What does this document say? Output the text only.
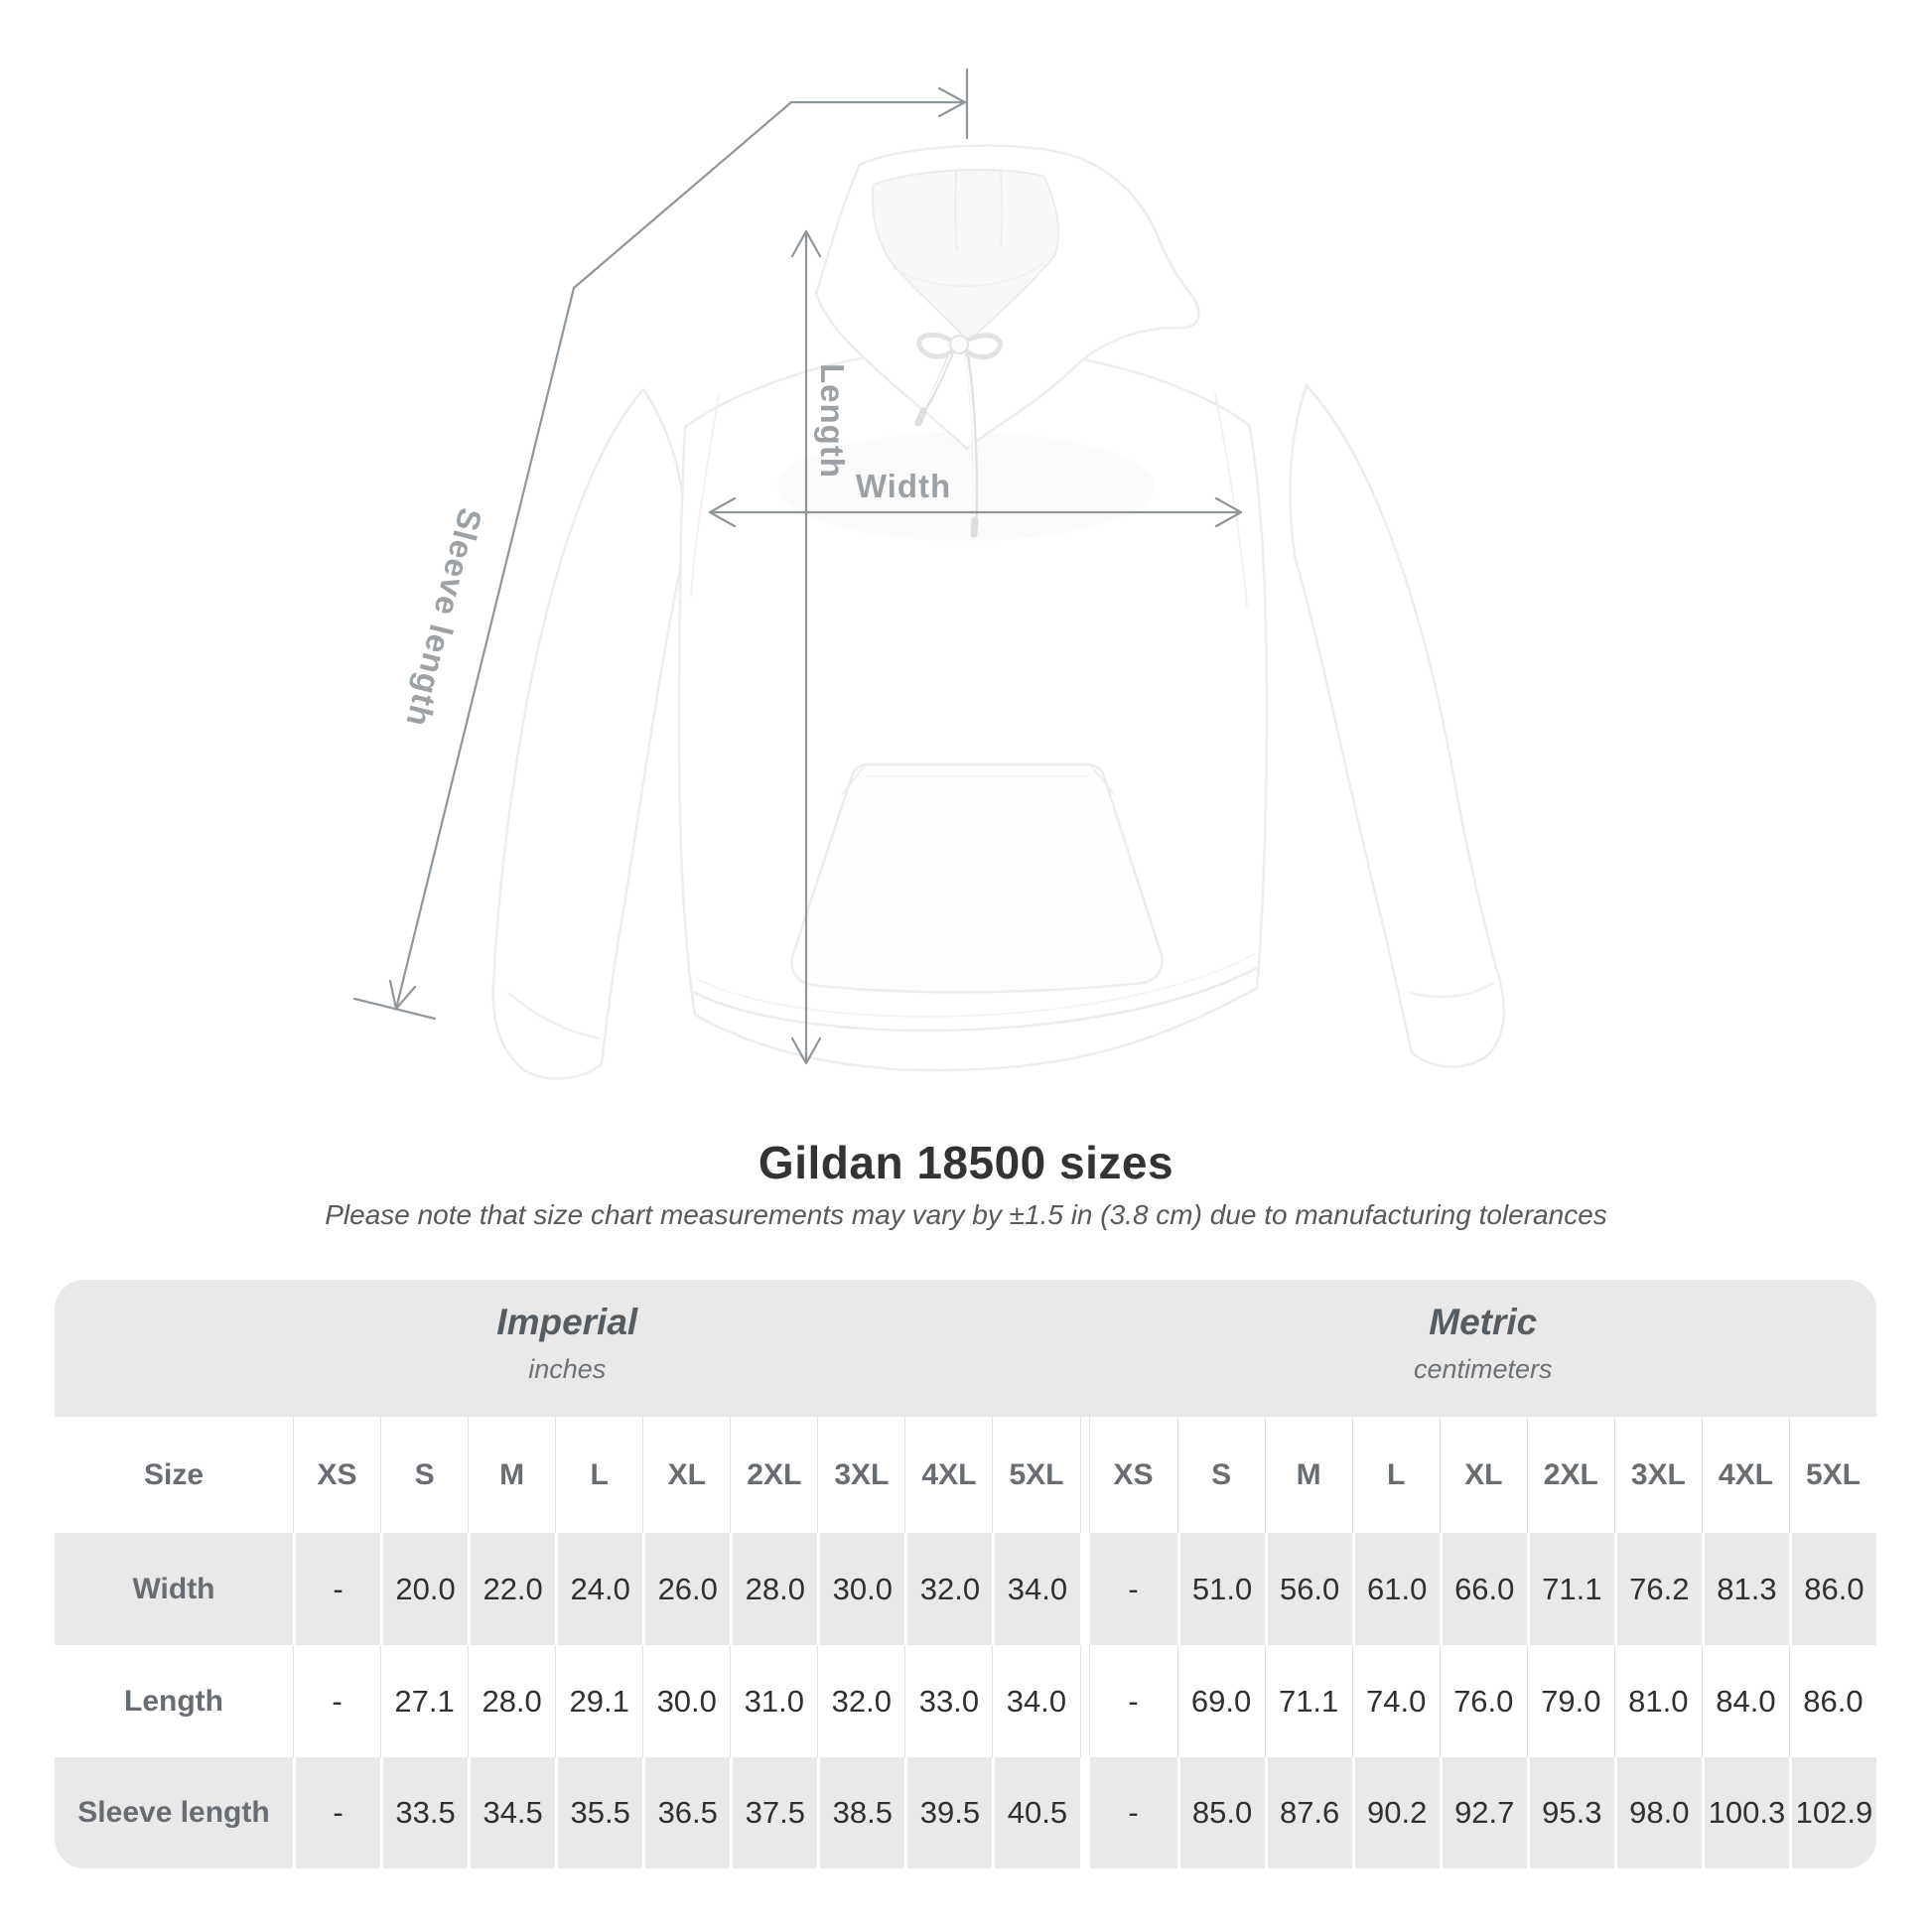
Sleeve length
Length
Width
Gildan 18500 sizes

Please note that size chart measurements may vary by ±1.5 in (3.8 cm) due to manufacturing tolerances

Imperial
inches
Metric
centimeters
Size	XS	S	M	L	XL	2XL	3XL	4XL	5XL	XS	S	M	L	XL	2XL	3XL	4XL	5XL
Width	-	20.0 22.0 24.0 26.0 28.0 30.0 32.0 34.0	-	51.0 56.0 61.0 66.0 71.1 76.2 81.3 86.0
Length	-	27.1 28.0 29.1 30.0 31.0 32.0 33.0 34.0	-	69.0 71.1 74.0 76.0 79.0 81.0 84.0 86.0
Sleeve length	-	33.5 34.5 35.5 36.5 37.5 38.5 39.5 40.5	-	85.0 87.6 90.2 92.7 95.3 98.0 100.3 102.9
